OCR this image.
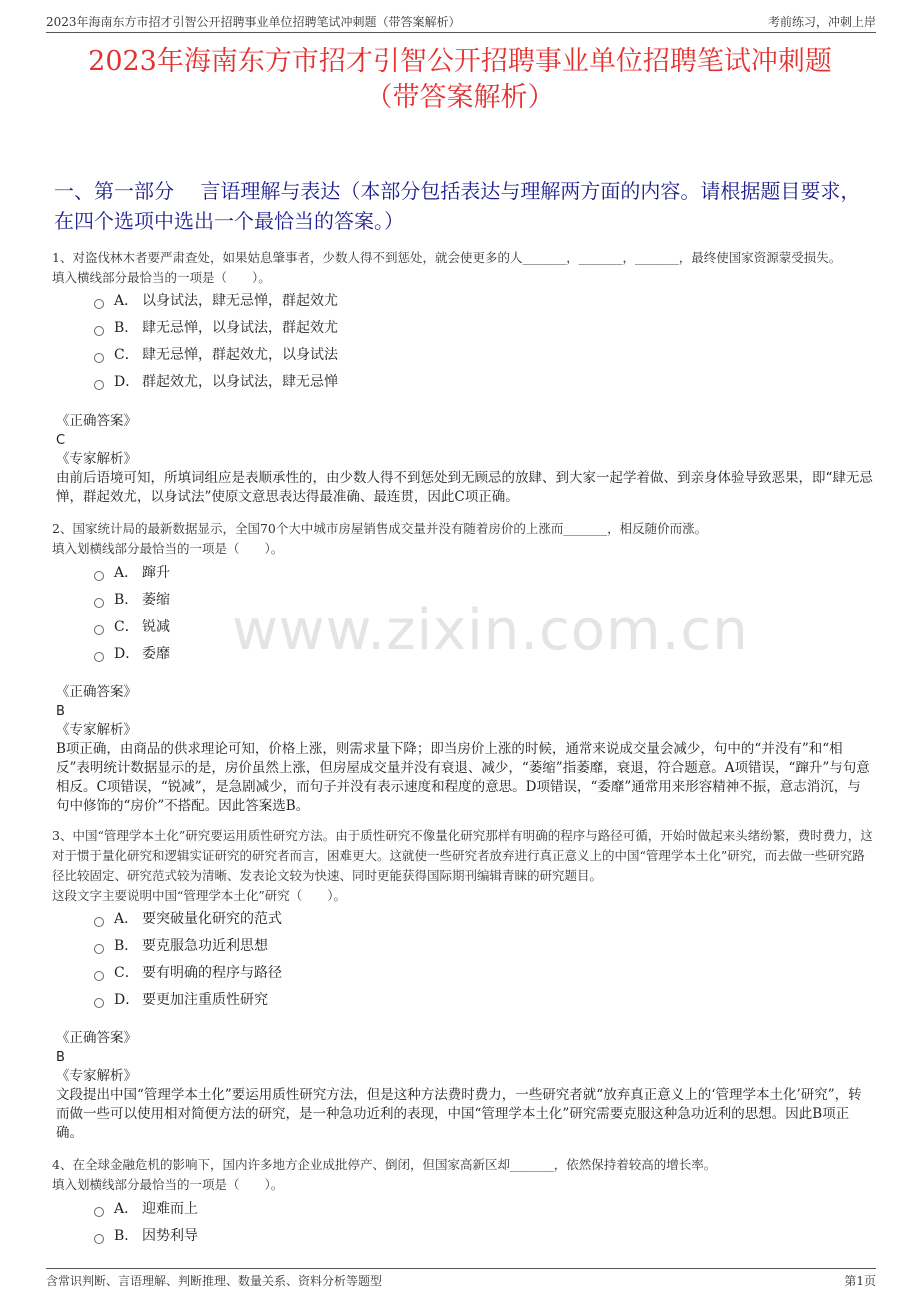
2023年海南东方市招才引智公开招聘事业单位招聘笔试冲刺题（带答案解析）	考前练习，冲刺上岸
2023年海南东方市招才引智公开招聘事业单位招聘笔试冲刺题
（带答案解析）
一、第一部分　 言语理解与表达（本部分包括表达与理解两方面的内容。请根据题目要求，在四个选项中选出一个最恰当的答案。）
www.zixin.com.cn
1、对盗伐林木者要严肃查处，如果姑息肇事者，少数人得不到惩处，就会使更多的人_______，_______，_______，最终使国家资源蒙受损失。
填入横线部分最恰当的一项是（　　）。
A． 以身试法，肆无忌惮，群起效尤
B． 肆无忌惮，以身试法，群起效尤
C． 肆无忌惮，群起效尤，以身试法
D． 群起效尤，以身试法，肆无忌惮
《正确答案》
C
《专家解析》
由前后语境可知，所填词组应是表顺承性的，由少数人得不到惩处到无顾忌的放肆、到大家一起学着做、到亲身体验导致恶果，即“肆无忌惮，群起效尤，以身试法”使原文意思表达得最准确、最连贯，因此C项正确。
2、国家统计局的最新数据显示，全国70个大中城市房屋销售成交量并没有随着房价的上涨而_______，相反随价而涨。
填入划横线部分最恰当的一项是（　　）。
A． 蹿升
B． 萎缩
C． 锐减
D． 委靡
《正确答案》
B
《专家解析》
B项正确，由商品的供求理论可知，价格上涨，则需求量下降；即当房价上涨的时候，通常来说成交量会减少，句中的“并没有”和“相反”表明统计数据显示的是，房价虽然上涨，但房屋成交量并没有衰退、减少，“萎缩”指萎靡，衰退，符合题意。A项错误，“蹿升”与句意相反。C项错误，“锐减”，是急剧减少，而句子并没有表示速度和程度的意思。D项错误，“委靡”通常用来形容精神不振，意志消沉，与句中修饰的“房价”不搭配。因此答案选B。
3、中国“管理学本土化”研究要运用质性研究方法。由于质性研究不像量化研究那样有明确的程序与路径可循，开始时做起来头绪纷繁，费时费力，这对于惯于量化研究和逻辑实证研究的研究者而言，困难更大。这就使一些研究者放弃进行真正意义上的中国“管理学本土化”研究，而去做一些研究路径比较固定、研究范式较为清晰、发表论文较为快速、同时更能获得国际期刊编辑青睐的研究题目。
这段文字主要说明中国“管理学本土化”研究（　　）。
A． 要突破量化研究的范式
B． 要克服急功近利思想
C． 要有明确的程序与路径
D． 要更加注重质性研究
《正确答案》
B
《专家解析》
文段提出中国“管理学本土化”要运用质性研究方法，但是这种方法费时费力，一些研究者就“放弃真正意义上的‘管理学本土化’研究”，转而做一些可以使用相对简便方法的研究，是一种急功近利的表现，中国“管理学本土化”研究需要克服这种急功近利的思想。因此B项正确。
4、在全球金融危机的影响下，国内许多地方企业成批停产、倒闭，但国家高新区却_______，依然保持着较高的增长率。
填入划横线部分最恰当的一项是（　　）。
A． 迎难而上
B． 因势利导
含常识判断、言语理解、判断推理、数量关系、资料分析等题型	第1页
